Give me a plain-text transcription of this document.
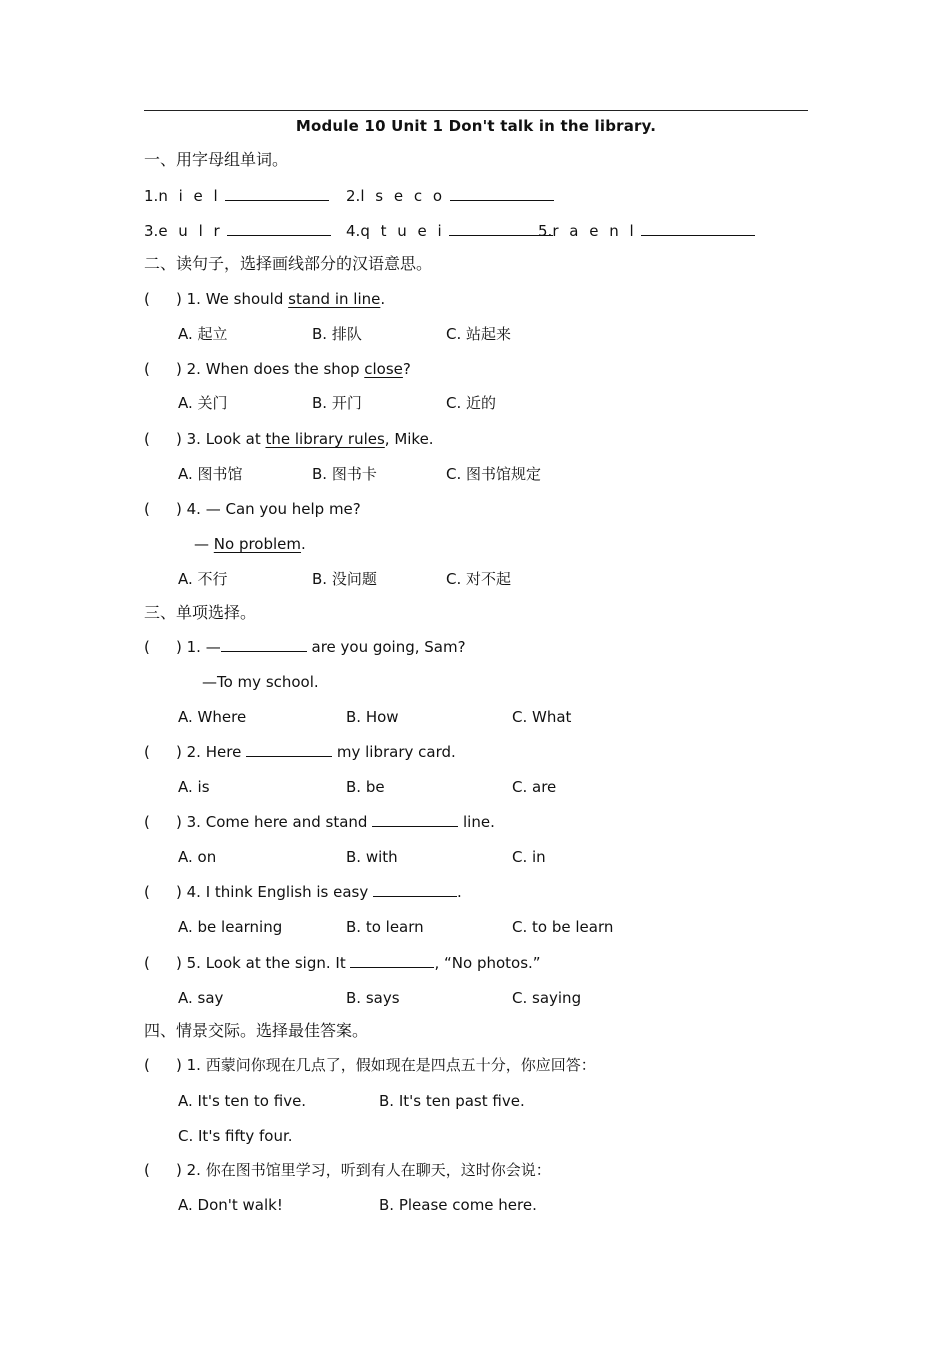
Module 10 Unit 1 Don't talk in the library.
一、用字母组单词。
1.n i e l	2.l s e c o
3.e u l r	4.q t u e i	5.r a e n l
二、读句子，选择画线部分的汉语意思。
( ) 1. We should stand in line.
A. 起立	B. 排队	C. 站起来
( ) 2. When does the shop close?
A. 关门	B. 开门	C. 近的
( ) 3. Look at the library rules, Mike.
A. 图书馆	B. 图书卡	C. 图书馆规定
( ) 4. — Can you help me?
— No problem.
A. 不行	B. 没问题	C. 对不起
三、单项选择。
( ) 1. —	are you going, Sam?
—To my school.
A. Where	B. How	C. What
( ) 2. Here	my library card.
A. is	B. be	C. are
( ) 3. Come here and stand	line.
A. on	B. with	C. in
( ) 4. I think English is easy	.
A. be learning	B. to learn	C. to be learn
( ) 5. Look at the sign. It	, “No photos.”
A. say	B. says	C. saying
四、情景交际。选择最佳答案。
( ) 1. 西蒙问你现在几点了，假如现在是四点五十分，你应回答：
A. It's ten to five.	B. It's ten past five.
C. It's fifty four.
( ) 2. 你在图书馆里学习，听到有人在聊天，这时你会说：
A. Don't walk!	B. Please come here.
